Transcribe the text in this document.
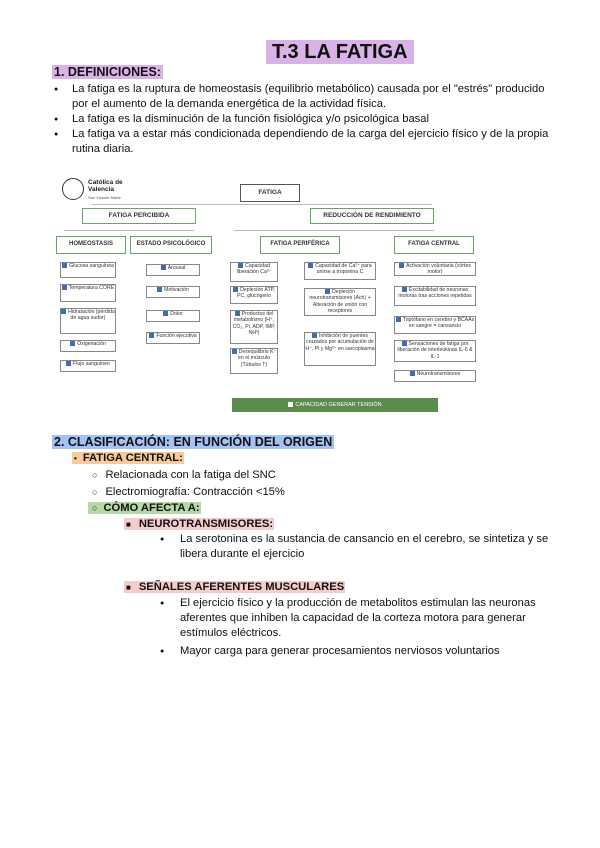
T.3 LA FATIGA
1. DEFINICIONES:
● La fatiga es la ruptura de homeostasis (equilibrio metabólico) causada por el "estrés" producido por el aumento de la demanda energética de la actividad física.
● La fatiga es la disminución de la función fisiológica y/o psicológica basal
● La fatiga va a estar más condicionada dependiendo de la carga del ejercicio físico y de la propia rutina diaria.
Católica de
Valencia
San Vicente Mártir
FATIGA
FATIGA PERCIBIDA	REDUCCIÓN DE RENDIMIENTO
HOMEOSTASIS	ESTADO PSICOLÓGICO	FATIGA PERIFÉRICA	FATIGA CENTRAL
Glucosa sanguínea
Temperatura CORE
Hidratación (pérdida de agua sudor)
Oxigenación
Flujo sanguíneo
Arousal
Motivación
Dolor
Función ejecutiva
Capacidad liberación Ca²⁺
Depleción ATP, PC, glucógeno
Productos del metabolismo (H⁺, CO₂, Pi, ADP, IMP, NH³)
Desequilibrio K⁺ en el músculo (Túbulos T)
Capacidad de Ca²⁺ para unirse a troponina C
Depleción neurotransmisores (Ach) + Alteración de unión con receptores
Inhibición de puentes cruzados por acumulación de H⁺, Pi y Mg²⁺ en sarcoplasma
Activación voluntaria (córtex motor)
Excitabilidad de neuronas motoras tras acciones repetidas
Triptófano en cerebro y BCAAs en sangre = cansancio
Sensaciones de fatiga por liberación de interleukinas IL-6 & IL-1
Neurotransmisores
CAPACIDAD GENERAR TENSIÓN
2. CLASIFICACIÓN: EN FUNCIÓN DEL ORIGEN
• FATIGA CENTRAL:
○ Relacionada con la fatiga del SNC
○ Electromiografía: Contracción <15%
○ CÓMO AFECTA A:
■ NEUROTRANSMISORES:
● La serotonina es la sustancia de cansancio en el cerebro, se sintetiza y se libera durante el ejercicio
■ SEÑALES AFERENTES MUSCULARES
● El ejercicio físico y la producción de metabolitos estimulan las neuronas aferentes que inhiben la capacidad de la corteza motora para generar estímulos eléctricos.
● Mayor carga para generar procesamientos nerviosos voluntarios
